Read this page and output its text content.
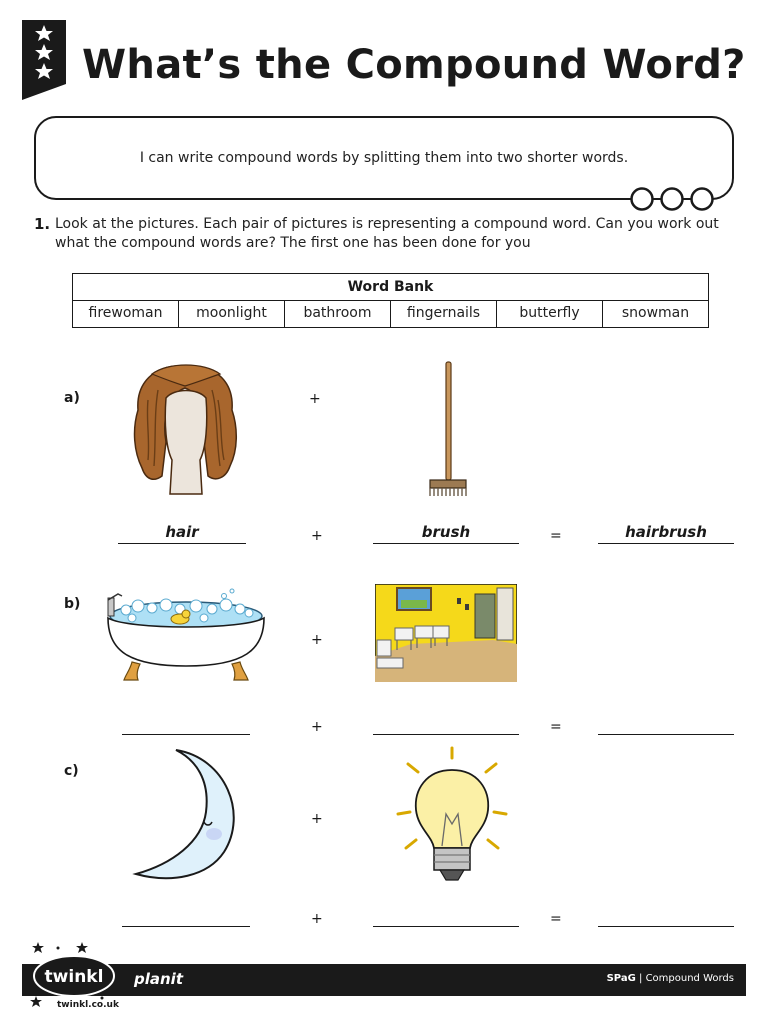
What’s the Compound Word?
I can write compound words by splitting them into two shorter words.
1. Look at the pictures. Each pair of pictures is representing a compound word. Can you work out what the compound words are? The first one has been done for you
Word Bank
firewoman	moonlight	bathroom	fingernails	butterfly	snowman
a)	+
hair	+	brush	=	hairbrush
b)
+
+	=
c)
+
+	=
planit	SPaG | Compound Words
twinkl
twinkl.co.uk
